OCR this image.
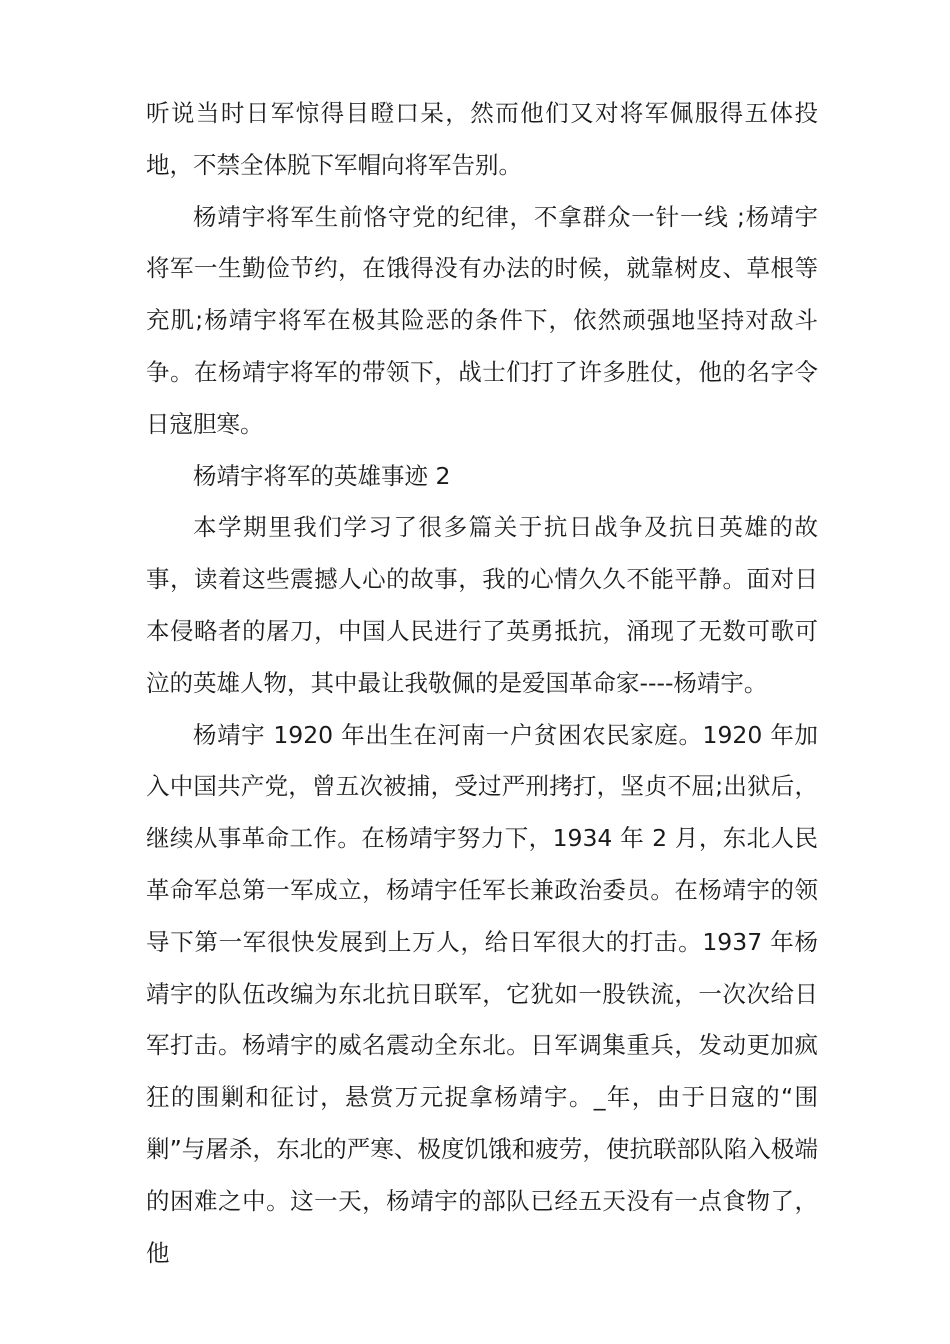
听说当时日军惊得目瞪口呆，然而他们又对将军佩服得五体投地，不禁全体脱下军帽向将军告别。

杨靖宇将军生前恪守党的纪律，不拿群众一针一线 ;杨靖宇将军一生勤俭节约，在饿得没有办法的时候，就靠树皮、草根等充肌;杨靖宇将军在极其险恶的条件下，依然顽强地坚持对敌斗争。在杨靖宇将军的带领下，战士们打了许多胜仗，他的名字令日寇胆寒。

杨靖宇将军的英雄事迹 2

本学期里我们学习了很多篇关于抗日战争及抗日英雄的故事，读着这些震撼人心的故事，我的心情久久不能平静。面对日本侵略者的屠刀，中国人民进行了英勇抵抗，涌现了无数可歌可泣的英雄人物，其中最让我敬佩的是爱国革命家----杨靖宇。

杨靖宇 1920 年出生在河南一户贫困农民家庭。1920 年加入中国共产党，曾五次被捕，受过严刑拷打，坚贞不屈;出狱后，继续从事革命工作。在杨靖宇努力下，1934 年 2 月，东北人民革命军总第一军成立，杨靖宇任军长兼政治委员。在杨靖宇的领导下第一军很快发展到上万人，给日军很大的打击。1937 年杨靖宇的队伍改编为东北抗日联军，它犹如一股铁流，一次次给日军打击。杨靖宇的威名震动全东北。日军调集重兵，发动更加疯狂的围剿和征讨，悬赏万元捉拿杨靖宇。_年，由于日寇的“围剿”与屠杀，东北的严寒、极度饥饿和疲劳，使抗联部队陷入极端的困难之中。这一天，杨靖宇的部队已经五天没有一点食物了，他
